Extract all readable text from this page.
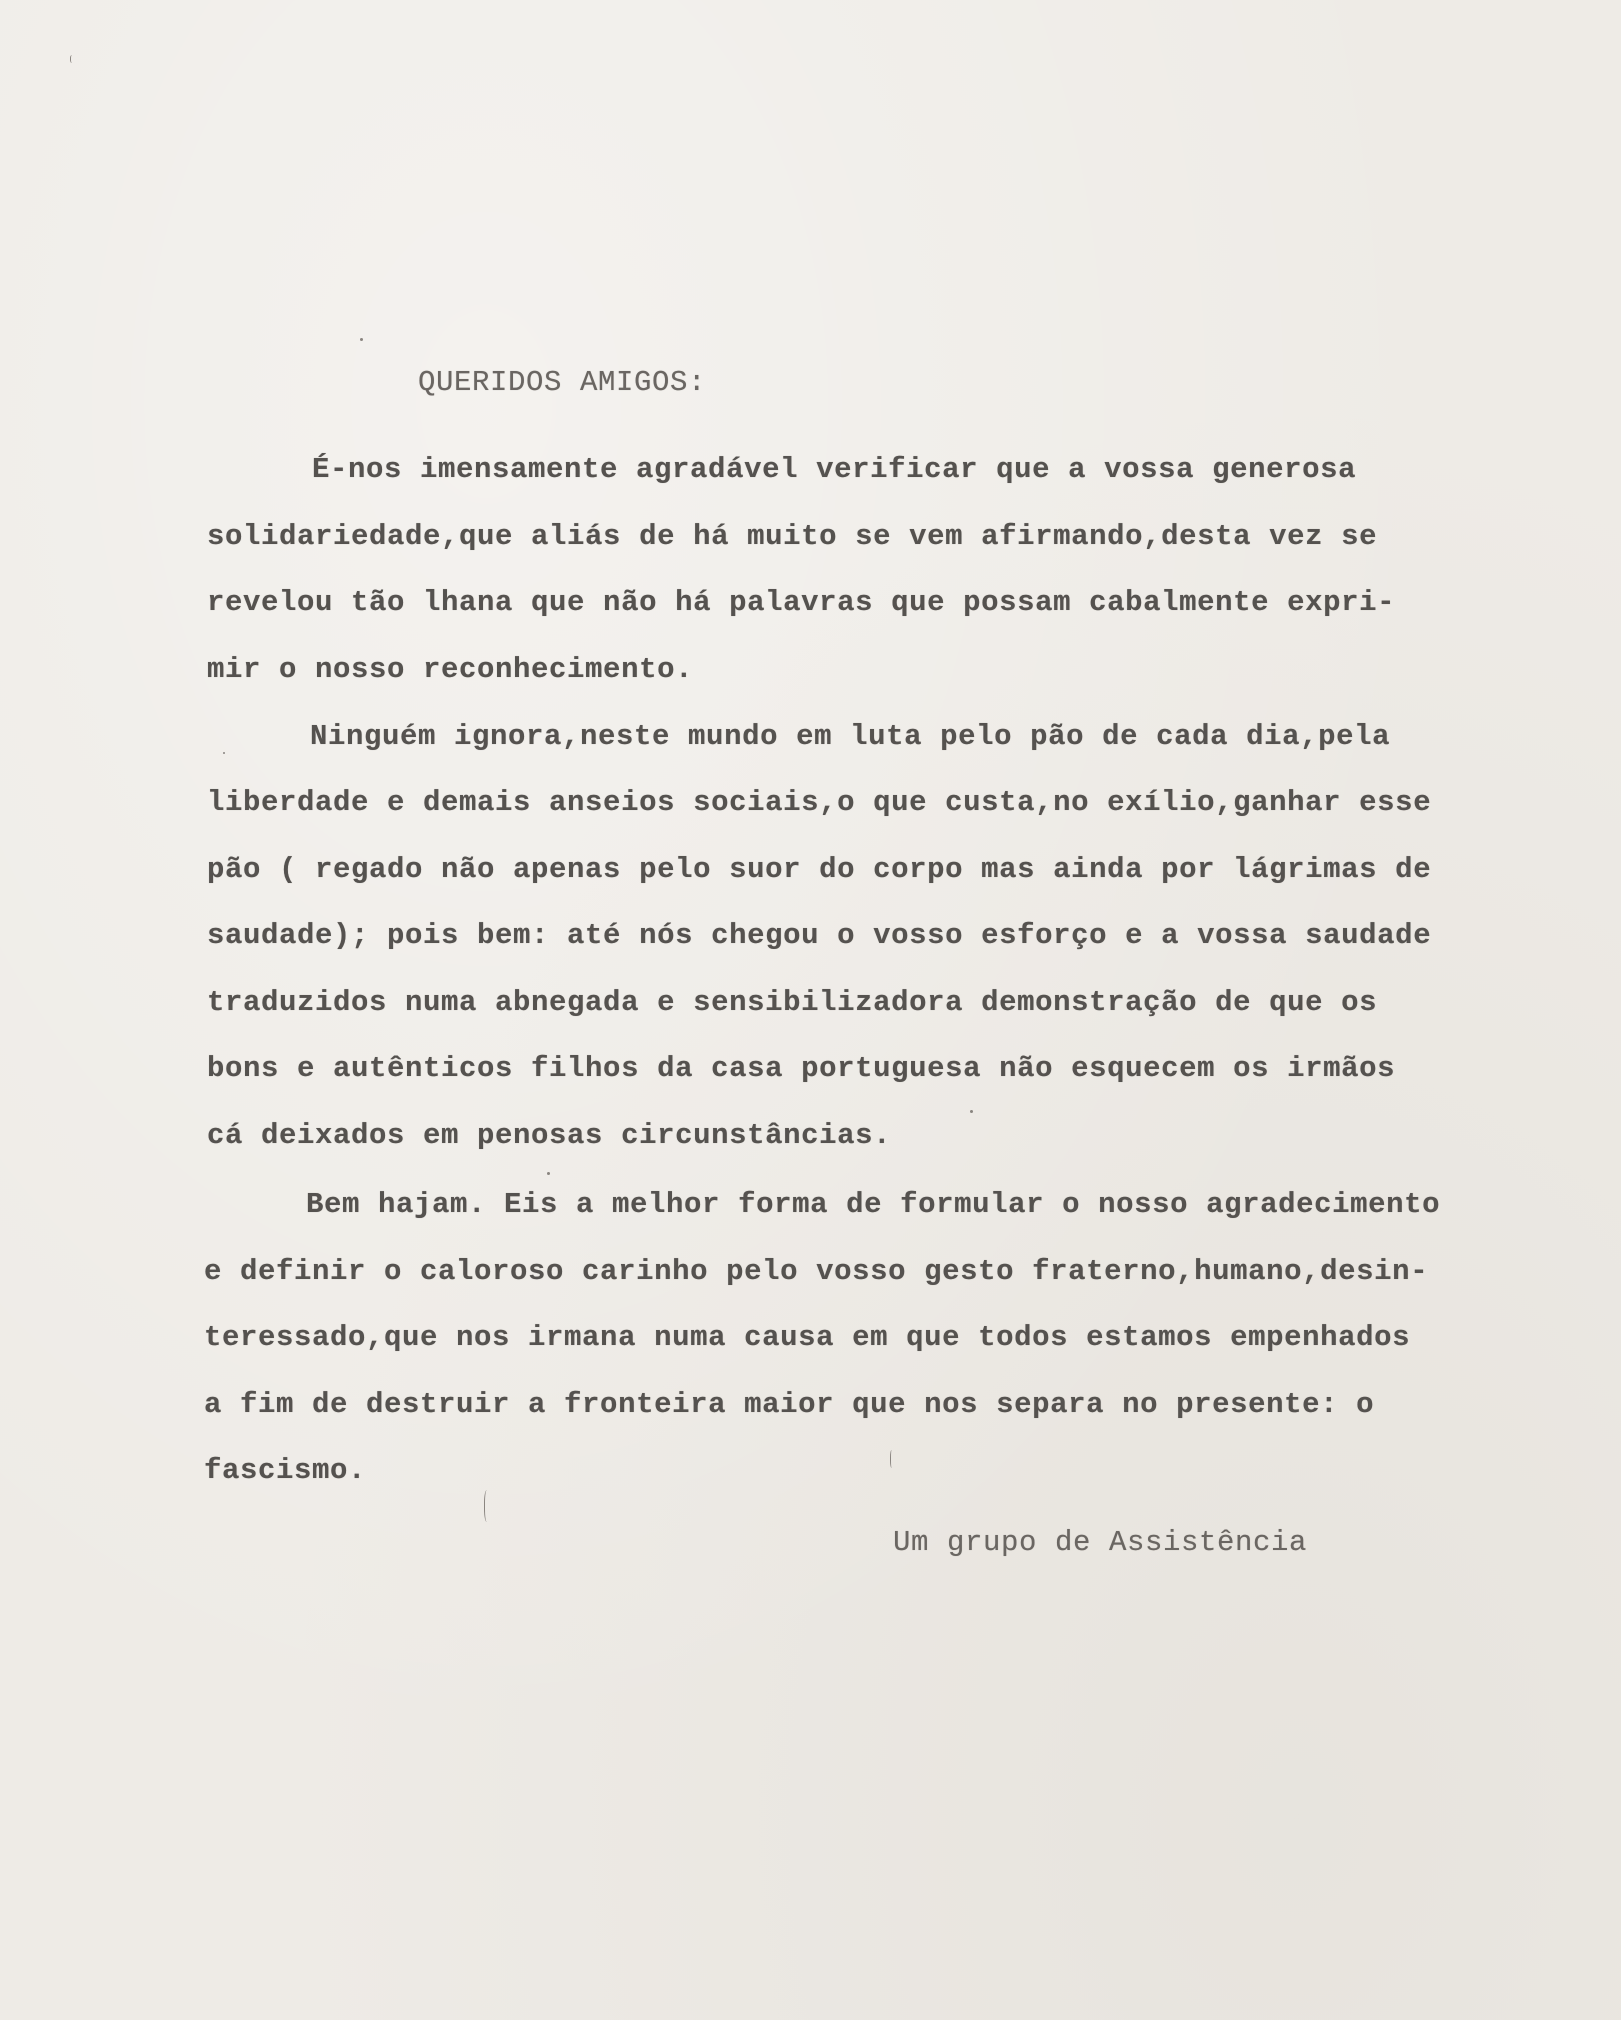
QUERIDOS AMIGOS:
É-nos imensamente agradável verificar que a vossa generosa
solidariedade,que aliás de há muito se vem afirmando,desta vez se
revelou tão lhana que não há palavras que possam cabalmente expri-
mir o nosso reconhecimento.
Ninguém ignora,neste mundo em luta pelo pão de cada dia,pela
liberdade e demais anseios sociais,o que custa,no exílio,ganhar esse
pão ( regado não apenas pelo suor do corpo mas ainda por lágrimas de
saudade); pois bem: até nós chegou o vosso esforço e a vossa saudade
traduzidos numa abnegada e sensibilizadora demonstração de que os
bons e autênticos filhos da casa portuguesa não esquecem os irmãos
cá deixados em penosas circunstâncias.
Bem hajam. Eis a melhor forma de formular o nosso agradecimento
e definir o caloroso carinho pelo vosso gesto fraterno,humano,desin-
teressado,que nos irmana numa causa em que todos estamos empenhados
a fim de destruir a fronteira maior que nos separa no presente: o
fascismo.
Um grupo de Assistência
